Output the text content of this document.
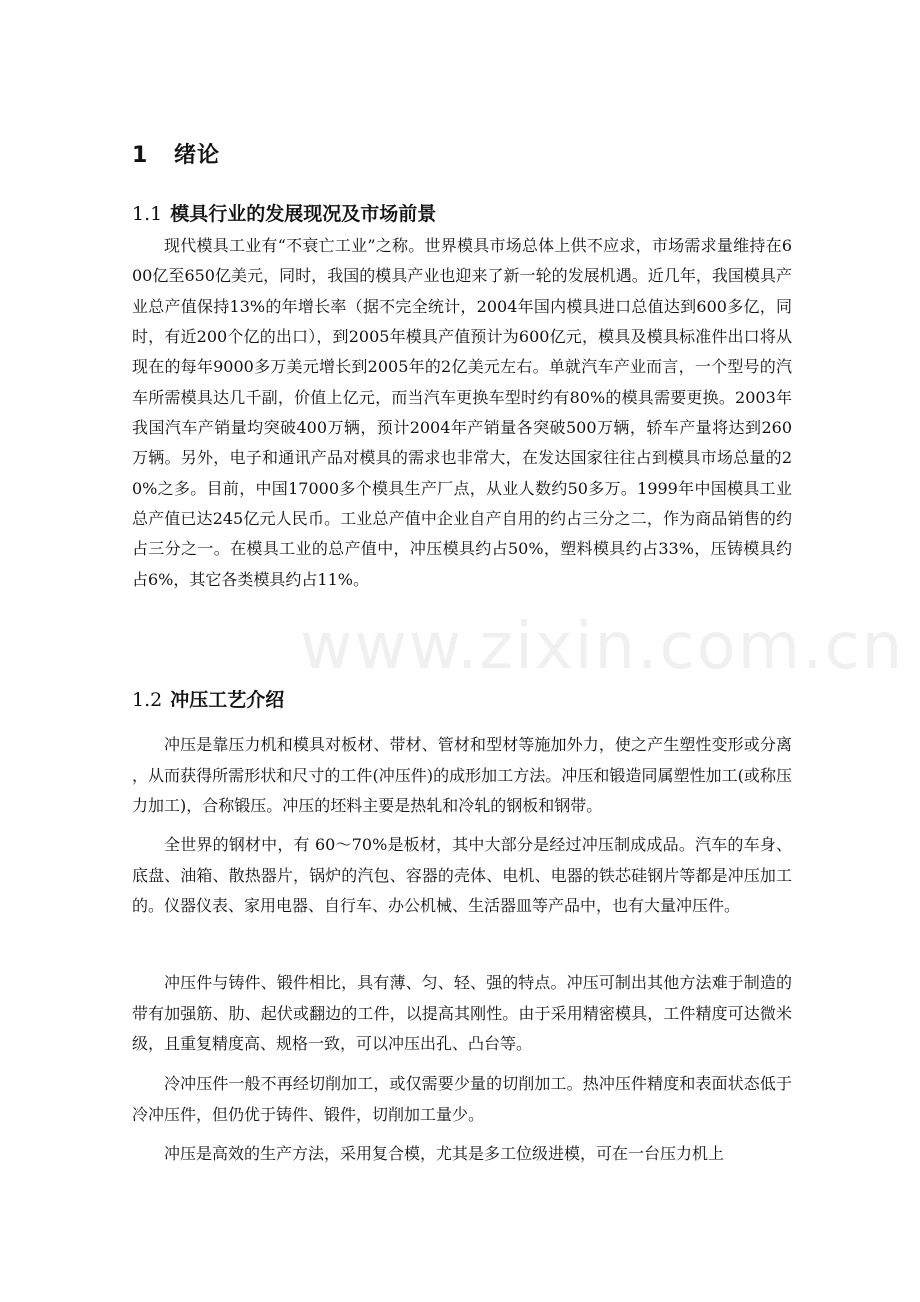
1 绪论
1.1 模具行业的发展现况及市场前景
现代模具工业有“不衰亡工业”之称。世界模具市场总体上供不应求，市场需求量维持在600亿至650亿美元，同时，我国的模具产业也迎来了新一轮的发展机遇。近几年，我国模具产业总产值保持13%的年增长率（据不完全统计，2004年国内模具进口总值达到600多亿，同时，有近200个亿的出口），到2005年模具产值预计为600亿元，模具及模具标准件出口将从现在的每年9000多万美元增长到2005年的2亿美元左右。单就汽车产业而言，一个型号的汽车所需模具达几千副，价值上亿元，而当汽车更换车型时约有80%的模具需要更换。2003年我国汽车产销量均突破400万辆，预计2004年产销量各突破500万辆，轿车产量将达到260万辆。另外，电子和通讯产品对模具的需求也非常大，在发达国家往往占到模具市场总量的20%之多。目前，中国17000多个模具生产厂点，从业人数约50多万。1999年中国模具工业总产值已达245亿元人民币。工业总产值中企业自产自用的约占三分之二，作为商品销售的约占三分之一。在模具工业的总产值中，冲压模具约占50%，塑料模具约占33%，压铸模具约占6%，其它各类模具约占11%。
1.2 冲压工艺介绍
冲压是靠压力机和模具对板材、带材、管材和型材等施加外力，使之产生塑性变形或分离，从而获得所需形状和尺寸的工件(冲压件)的成形加工方法。冲压和锻造同属塑性加工(或称压力加工)，合称锻压。冲压的坯料主要是热轧和冷轧的钢板和钢带。
全世界的钢材中，有 60～70%是板材，其中大部分是经过冲压制成成品。汽车的车身、底盘、油箱、散热器片，锅炉的汽包、容器的壳体、电机、电器的铁芯硅钢片等都是冲压加工的。仪器仪表、家用电器、自行车、办公机械、生活器皿等产品中，也有大量冲压件。
冲压件与铸件、锻件相比，具有薄、匀、轻、强的特点。冲压可制出其他方法难于制造的带有加强筋、肋、起伏或翻边的工件，以提高其刚性。由于采用精密模具，工件精度可达微米级，且重复精度高、规格一致，可以冲压出孔、凸台等。
冷冲压件一般不再经切削加工，或仅需要少量的切削加工。热冲压件精度和表面状态低于冷冲压件，但仍优于铸件、锻件，切削加工量少。
冲压是高效的生产方法，采用复合模，尤其是多工位级进模，可在一台压力机上
www.zixin.com.cn
